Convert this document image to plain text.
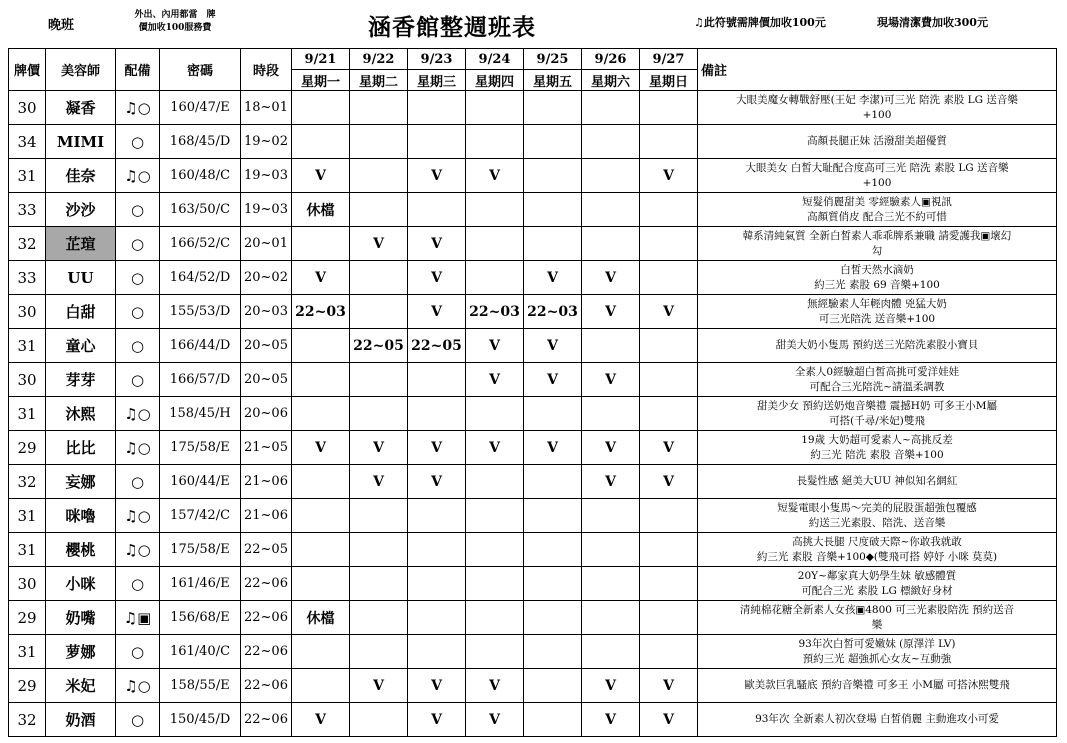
晚班
外出、內用都當　牌
價加收100服務費	涵香館整週班表	♫此符號需牌價加收100元	現場清潔費加收300元
牌價	美容師	配備	密碼	時段	9/21	9/22	9/23	9/24	9/25	9/26	9/27	備註
					星期一	星期二	星期三	星期四	星期五	星期六	星期日	
30	凝香	♫○	160/47/E	18~01								大眼美魔女轉戰舒壓(王妃 李潔)可三光 陪洗 素股 LG 送音樂
+100
34	MIMI	○	168/45/D	19~02								高顏長腿正妹 活潑甜美超優質
31	佳奈	♫○	160/48/C	19~03	V		V	V			V	大眼美女 白皙大耻配合度高可三光 陪洗 素股 LG 送音樂
+100
33	沙沙	○	163/50/C	19~03	休檔							短髮俏麗甜美 零經驗素人▣視訊
高顏質俏皮 配合三光不約可惜
32	芷瑄	○	166/52/C	20~01		V	V					韓系清純氣質 全新白皙素人乖乖牌系兼職 請愛護我▣壞幻
勾
33	UU	○	164/52/D	20~02	V		V		V	V		白皙天然水滴奶
約三光 素股 69 音樂+100
30	白甜	○	155/53/D	20~03	22~03		V	22~03	22~03	V	V	無經驗素人年輕肉體 兇猛大奶
可三光陪洗 送音樂+100
31	童心	○	166/44/D	20~05		22~05	22~05	V	V			甜美大奶小隻馬 預約送三光陪洗素股小寶貝
30	芽芽	○	166/57/D	20~05				V	V	V		全素人0經驗超白皙高挑可愛洋娃娃
可配合三光陪洗~請溫柔調教
31	沐熙	♫○	158/45/H	20~06								甜美少女 預約送奶炮音樂禮 震撼H奶 可多王小M屬
可搭(千尋/米妃)雙飛
29	比比	♫○	175/58/E	21~05	V	V	V	V	V	V	V	19歲 大奶超可愛素人~高挑反差
約三光 陪洗 素股 音樂+100
32	妄娜	○	160/44/E	21~06		V	V			V	V	長髮性感 絕美大UU 神似知名網紅
31	咪嚕	♫○	157/42/C	21~06								短髮電眼小隻馬～完美的屁股蛋超強包覆感
約送三光素股、陪洗、送音樂
31	櫻桃	♫○	175/58/E	22~05								高挑大長腿 尺度破天際~你敢我就敢
約三光 素股 音樂+100◆(雙飛可搭 婷妤 小咪 莫莫)
30	小咪	○	161/46/E	22~06								20Y~鄰家真大奶學生妹 敏感體質
可配合三光 素股 LG 標緻好身材
29	奶嘴	♫▣	156/68/E	22~06	休檔							清純棉花糖全新素人女孩▣4800 可三光素股陪洗 預約送音
樂
31	萝娜	○	161/40/C	22~06								93年次白皙可愛嫩妹 (原澤洋 LV)
預約三光 超強抓心女友~互動強
29	米妃	♫○	158/55/E	22~06		V	V	V		V	V	歐美款巨乳騷底 預約音樂禮 可多王 小M屬 可搭沐熙雙飛
32	奶酒	○	150/45/D	22~06	V		V	V		V	V	93年次 全新素人初次登場 白皙俏麗 主動進攻小可愛
